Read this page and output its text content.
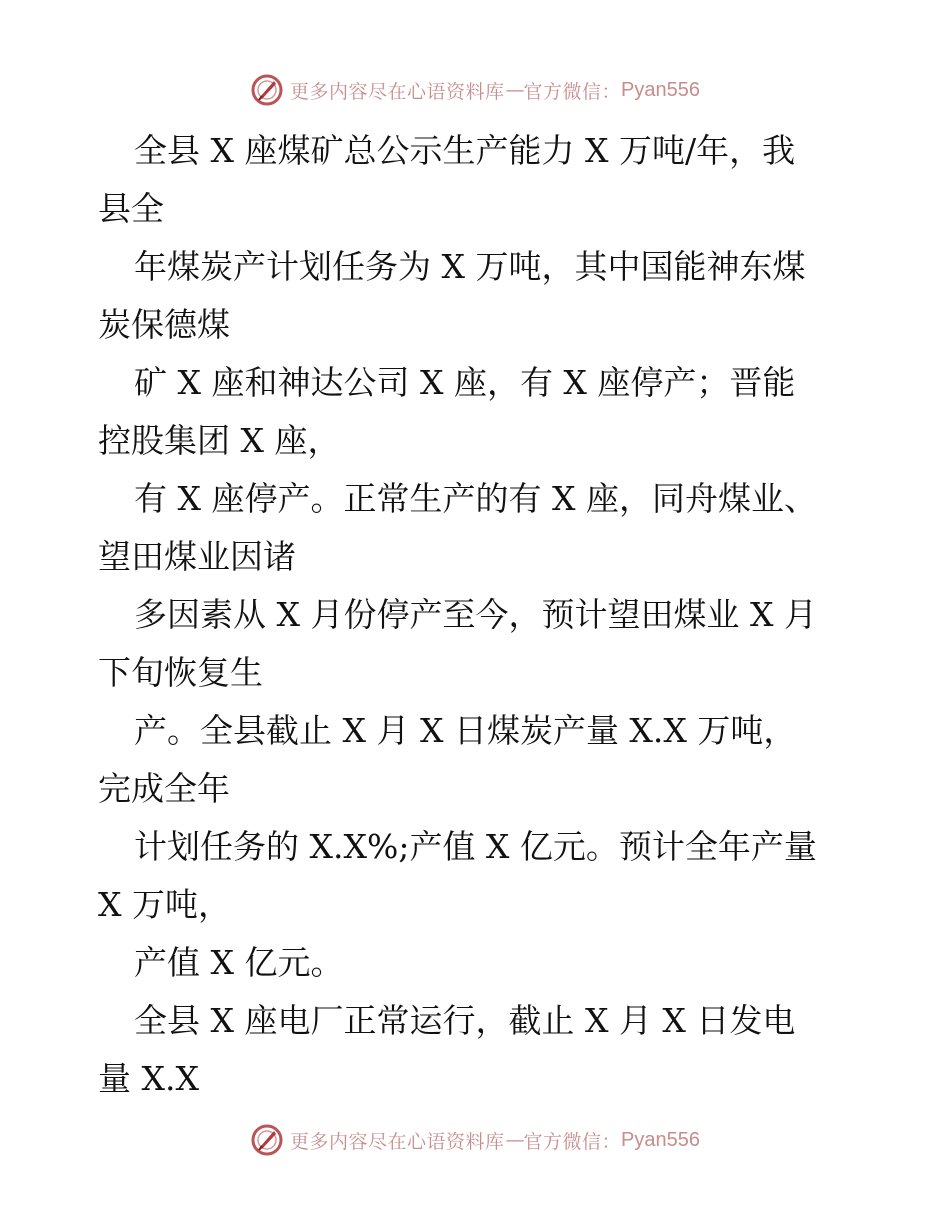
更多内容尽在心语资料库 — 官方微信： Pyan556
全县 X 座煤矿总公示生产能力 X 万吨/年，我
县全
年煤炭产计划任务为 X 万吨，其中国能神东煤
炭保德煤
矿 X 座和神达公司 X 座，有 X 座停产；晋能
控股集团 X 座，
有 X 座停产。正常生产的有 X 座，同舟煤业、
望田煤业因诸
多因素从 X 月份停产至今，预计望田煤业 X 月
下旬恢复生
产。全县截止 X 月 X 日煤炭产量 X.X 万吨，
完成全年
计划任务的 X.X%;产值 X 亿元。预计全年产量
X 万吨，
产值 X 亿元。
全县 X 座电厂正常运行，截止 X 月 X 日发电
量 X.X
更多内容尽在心语资料库 — 官方微信： Pyan556
